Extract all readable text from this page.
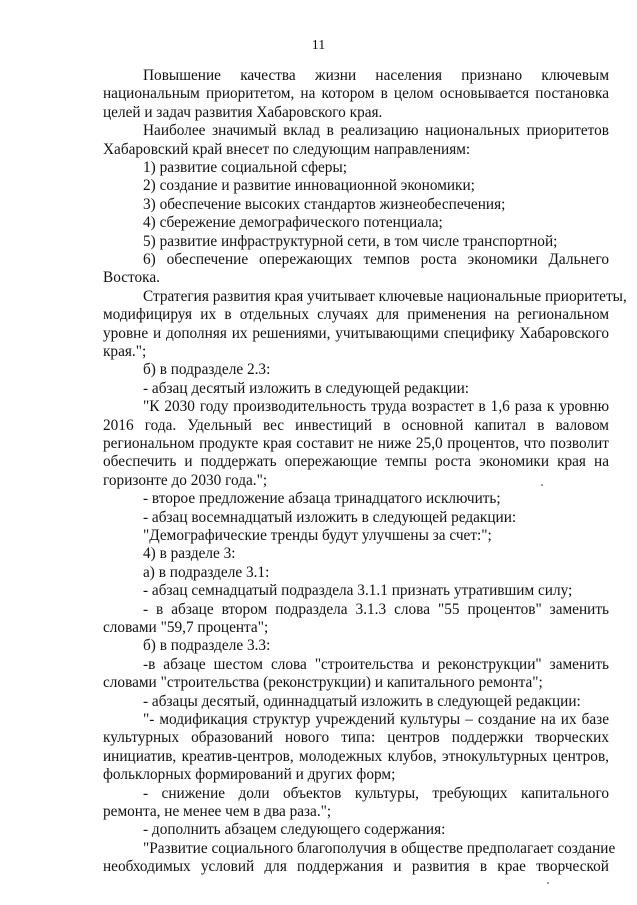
11
Повышение качества жизни населения признано ключевым
национальным приоритетом, на котором в целом основывается постановка
целей и задач развития Хабаровского края.
Наиболее значимый вклад в реализацию национальных приоритетов
Хабаровский край внесет по следующим направлениям:
1) развитие социальной сферы;
2) создание и развитие инновационной экономики;
3) обеспечение высоких стандартов жизнеобеспечения;
4) сбережение демографического потенциала;
5) развитие инфраструктурной сети, в том числе транспортной;
6) обеспечение опережающих темпов роста экономики Дальнего
Востока.
Стратегия развития края учитывает ключевые национальные приоритеты,
модифицируя их в отдельных случаях для применения на региональном
уровне и дополняя их решениями, учитывающими специфику Хабаровского
края.";
б) в подразделе 2.3:
- абзац десятый изложить в следующей редакции:
"К 2030 году производительность труда возрастет в 1,6 раза к уровню
2016 года. Удельный вес инвестиций в основной капитал в валовом
региональном продукте края составит не ниже 25,0 процентов, что позволит
обеспечить и поддержать опережающие темпы роста экономики края на
горизонте до 2030 года.";
- второе предложение абзаца тринадцатого исключить;
- абзац восемнадцатый изложить в следующей редакции:
"Демографические тренды будут улучшены за счет:";
4) в разделе 3:
а) в подразделе 3.1:
- абзац семнадцатый подраздела 3.1.1 признать утратившим силу;
- в абзаце втором подраздела 3.1.3 слова "55 процентов" заменить
словами "59,7 процента";
б) в подразделе 3.3:
-в абзаце шестом слова "строительства и реконструкции" заменить
словами "строительства (реконструкции) и капитального ремонта";
- абзацы десятый, одиннадцатый изложить в следующей редакции:
"- модификация структур учреждений культуры – создание на их базе
культурных образований нового типа: центров поддержки творческих
инициатив, креатив-центров, молодежных клубов, этнокультурных центров,
фольклорных формирований и других форм;
- снижение доли объектов культуры, требующих капитального
ремонта, не менее чем в два раза.";
- дополнить абзацем следующего содержания:
"Развитие социального благополучия в обществе предполагает создание
необходимых условий для поддержания и развития в крае творческой
